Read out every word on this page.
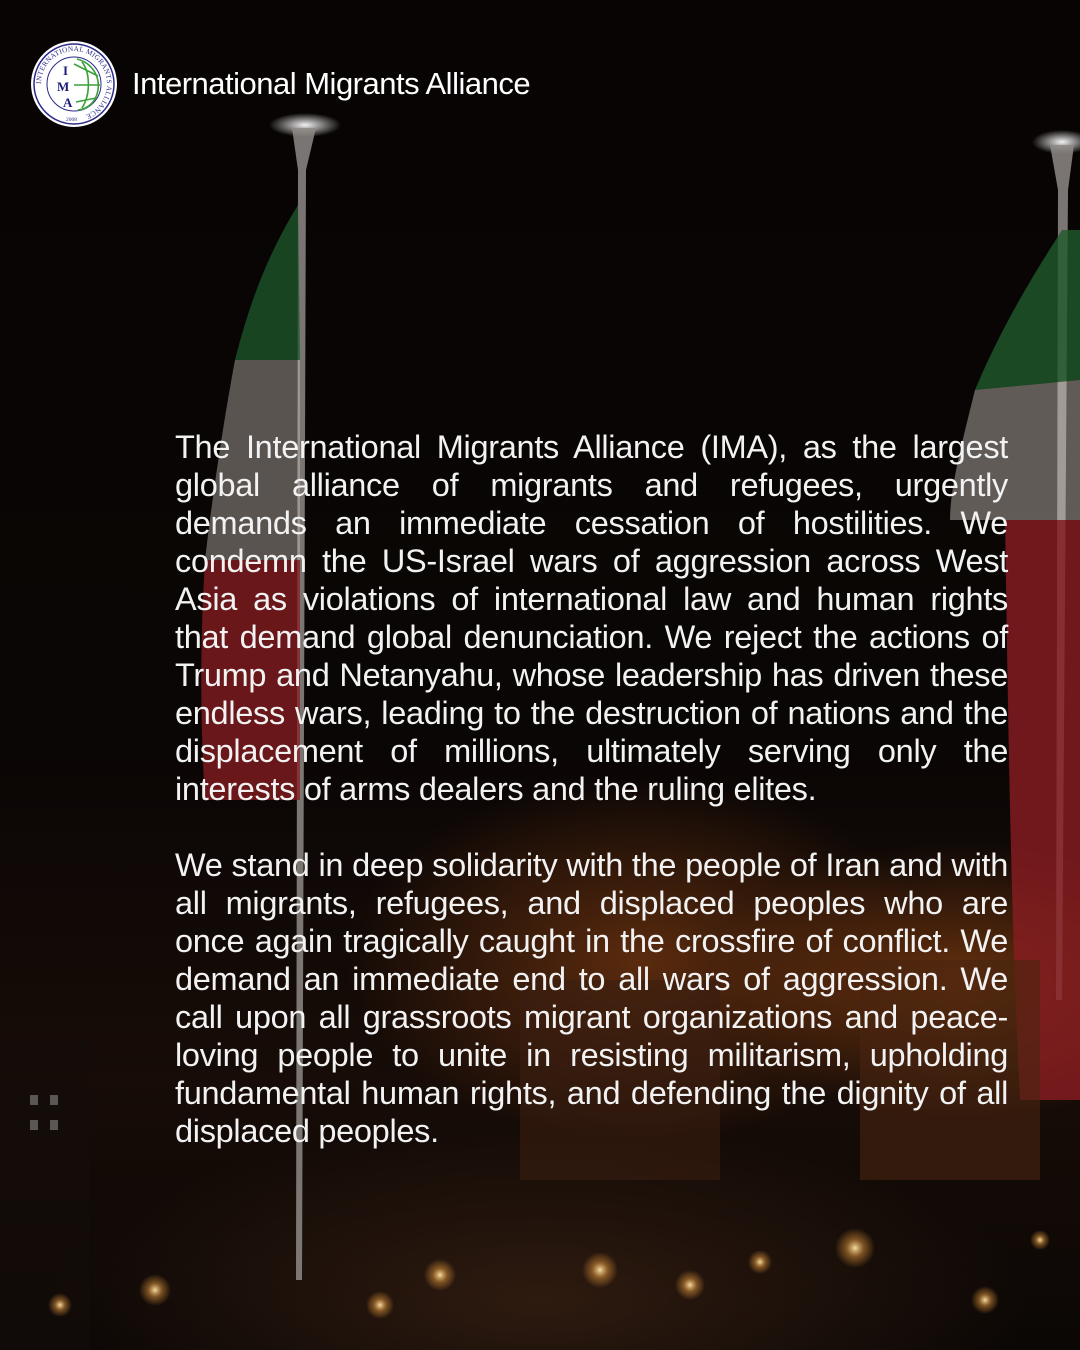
INTERNATIONAL MIGRANTS ALLIANCE
I
M
A
2008
International Migrants Alliance

The International Migrants Alliance (IMA), as the largest global alliance of migrants and refugees, urgently demands an immediate cessation of hostilities. We condemn the US-Israel wars of aggression across West Asia as violations of international law and human rights that demand global denunciation. We reject the actions of Trump and Netanyahu, whose leadership has driven these endless wars, leading to the destruction of nations and the displacement of millions, ultimately serving only the interests of arms dealers and the ruling elites.

We stand in deep solidarity with the people of Iran and with all migrants, refugees, and displaced peoples who are once again tragically caught in the crossfire of conflict. We demand an immediate end to all wars of aggression. We call upon all grassroots migrant organizations and peace-loving people to unite in resisting militarism, upholding fundamental human rights, and defending the dignity of all displaced peoples.
